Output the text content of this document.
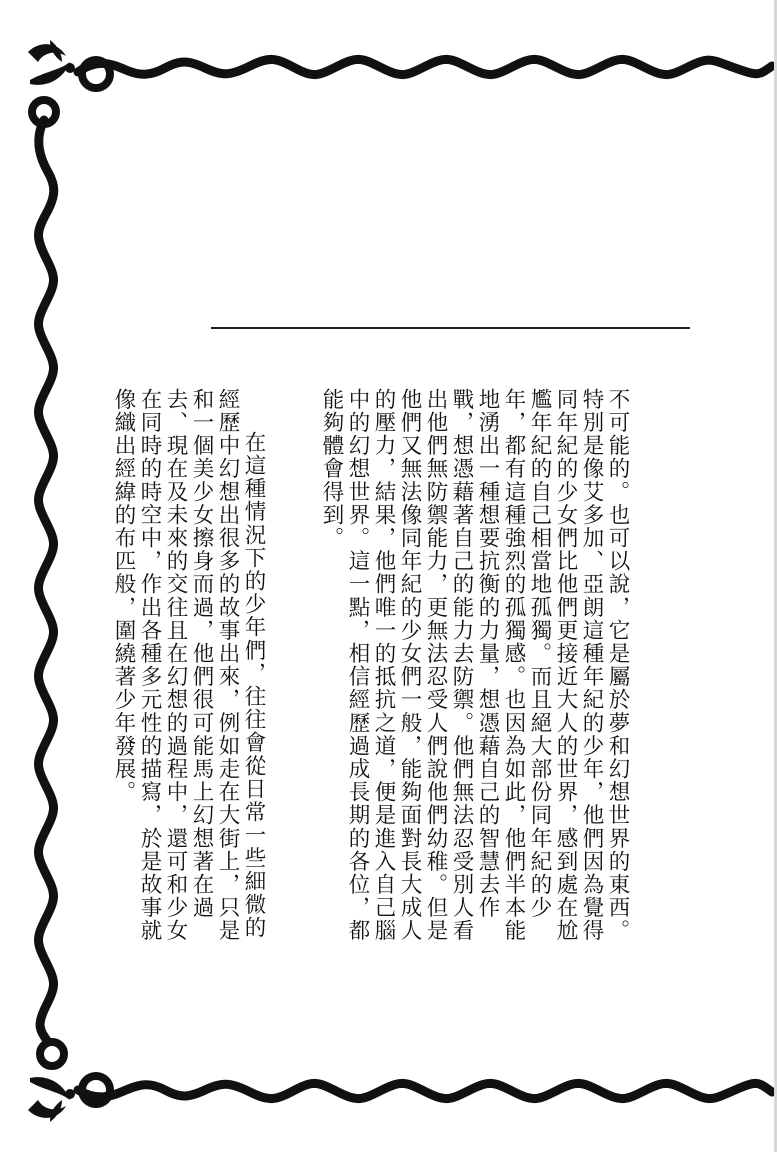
不可能的。也可以說，它是屬於夢和幻想世界的東西。特別是像艾多加、亞朗這種年紀的少年，他們因為覺得同年紀的少女們比他們更接近大人的世界，感到處在尬尷年紀的自己相當地孤獨。而且絕大部份同年紀的少年，都有這種強烈的孤獨感。也因為如此，他們半本能地湧出一種想要抗衡的力量，想憑藉自己的智慧去作戰，想憑藉著自己的能力去防禦。他們無法忍受別人看出他們無防禦能力，更無法忍受人們說他們幼稚。但是他們又無法像同年紀的少女們一般，能夠面對長大成人的壓力，結果，他們唯一的抵抗之道，便是進入自己腦中的幻想世界。這一點，相信經歷過成長期的各位，都能夠體會得到。

在這種情況下的少年們，往往會從日常一些細微的經歷中幻想出很多的故事出來，例如走在大街上，只是和一個美少女擦身而過，他們很可能馬上幻想著在過去、現在及未來的交往且在幻想的過程中，還可和少女在同時的時空中，作出各種多元性的描寫，於是故事就像織出經緯的布匹般，圍繞著少年發展。
